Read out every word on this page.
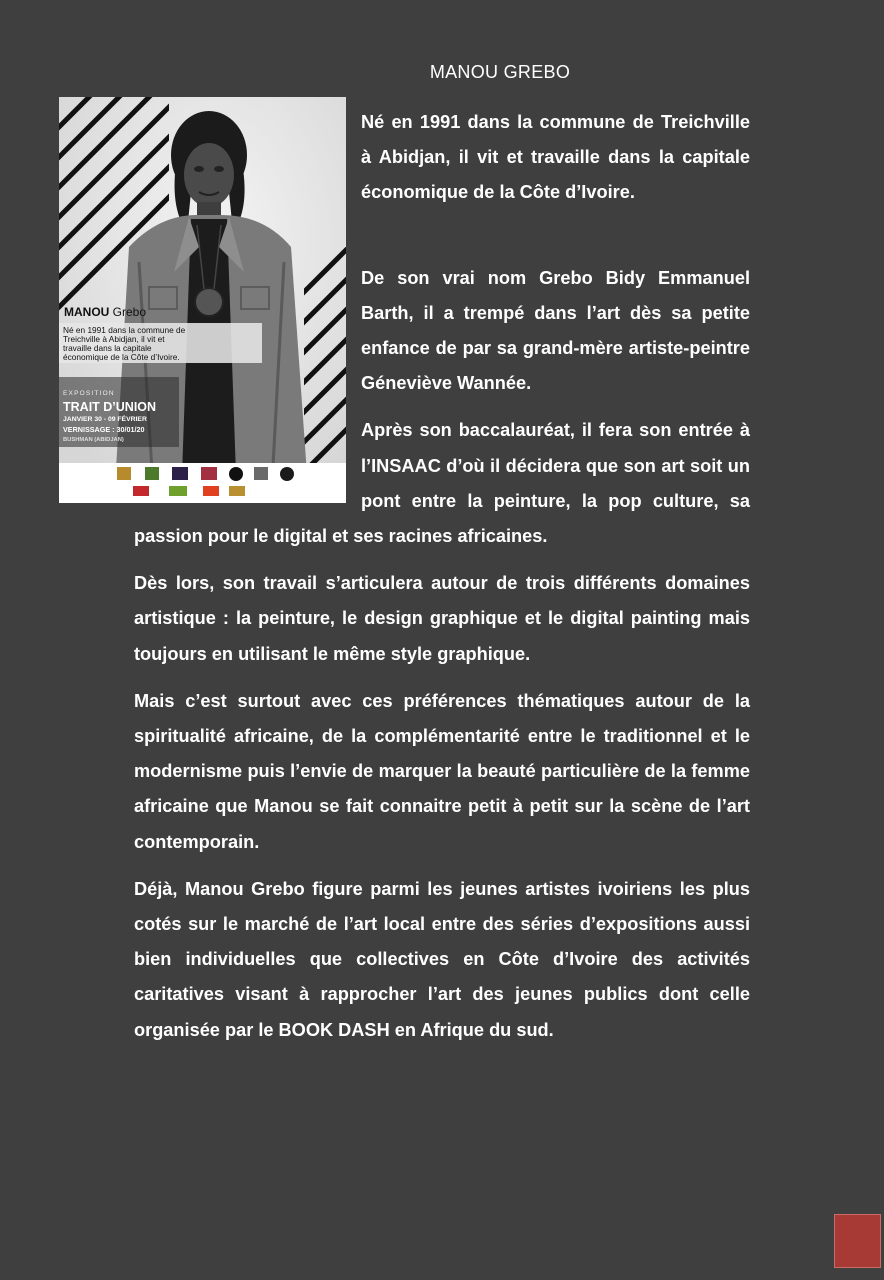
MANOU GREBO
MANOU Grebo
Né en 1991 dans la commune de Treichville à Abidjan, il vit et travaille dans la capitale économique de la Côte d’Ivoire.
EXPOSITION
TRAIT D’UNION
JANVIER 30 - 09 FÉVRIER
VERNISSAGE : 30/01/20
BUSHMAN (ABIDJAN)

Né en 1991 dans la commune de Treichville à Abidjan, il vit et travaille dans la capitale économique de la Côte d’Ivoire.

De son vrai nom Grebo Bidy Emmanuel Barth, il a trempé dans l’art dès sa petite enfance de par sa grand-mère artiste-peintre Géneviève Wannée.

Après son baccalauréat, il fera son entrée à l’INSAAC d’où il décidera que son art soit un pont entre la peinture, la pop culture, sa passion pour le digital et ses racines africaines.

Dès lors, son travail s’articulera autour de trois différents domaines artistique : la peinture, le design graphique et le digital painting mais toujours en utilisant le même style graphique.

Mais c’est surtout avec ces préférences thématiques autour de la spiritualité africaine, de la complémentarité entre le traditionnel et le modernisme puis l’envie de marquer la beauté particulière de la femme africaine que Manou se fait connaitre petit à petit sur la scène de l’art contemporain.

Déjà, Manou Grebo figure parmi les jeunes artistes ivoiriens les plus cotés sur le marché de l’art local entre des séries d’expositions aussi bien individuelles que collectives en Côte d’Ivoire des activités caritatives visant à rapprocher l’art des jeunes publics dont celle organisée par le BOOK DASH en Afrique du sud.
